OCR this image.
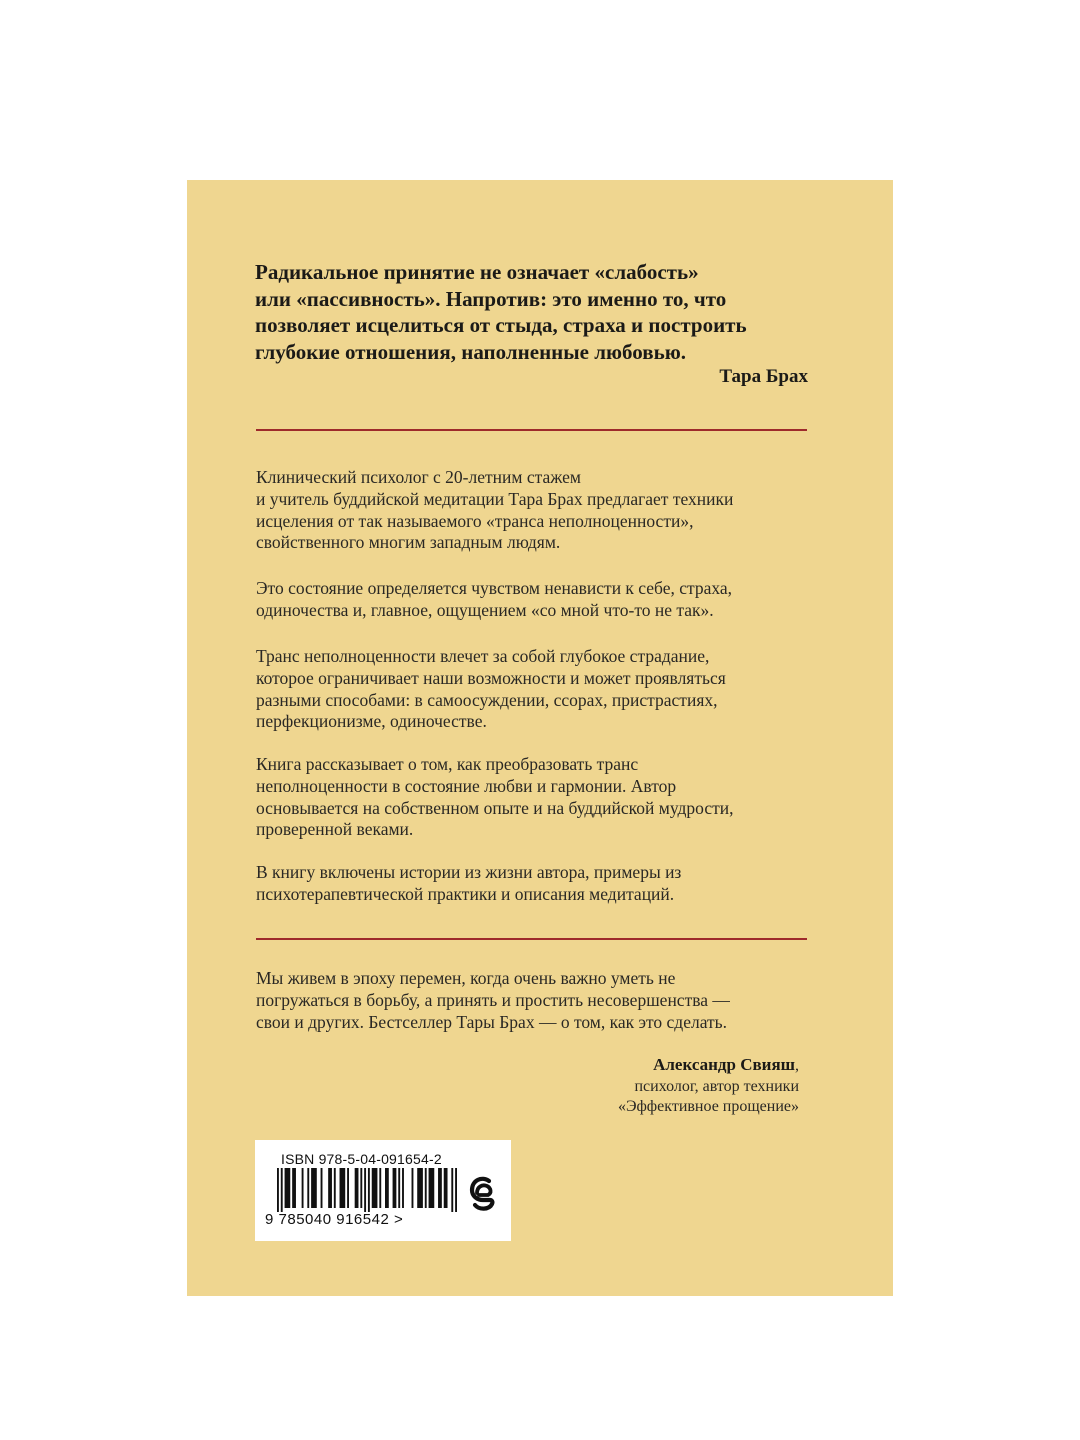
Радикальное принятие не означает «слабость»
или «пассивность». Напротив: это именно то, что
позволяет исцелиться от стыда, страха и построить
глубокие отношения, наполненные любовью.
Тара Брах
Клинический психолог с 20-летним стажем
и учитель буддийской медитации Тара Брах предлагает техники
исцеления от так называемого «транса неполноценности»,
свойственного многим западным людям.
Это состояние определяется чувством ненависти к себе, страха,
одиночества и, главное, ощущением «со мной что-то не так».
Транс неполноценности влечет за собой глубокое страдание,
которое ограничивает наши возможности и может проявляться
разными способами: в самоосуждении, ссорах, пристрастиях,
перфекционизме, одиночестве.
Книга рассказывает о том, как преобразовать транс
неполноценности в состояние любви и гармонии. Автор
основывается на собственном опыте и на буддийской мудрости,
проверенной веками.
В книгу включены истории из жизни автора, примеры из
психотерапевтической практики и описания медитаций.
Мы живем в эпоху перемен, когда очень важно уметь не
погружаться в борьбу, а принять и простить несовершенства —
свои и других. Бестселлер Тары Брах — о том, как это сделать.
Александр Свияш,
психолог, автор техники
«Эффективное прощение»
ISBN 978-5-04-091654-2
9 785040 916542 >
